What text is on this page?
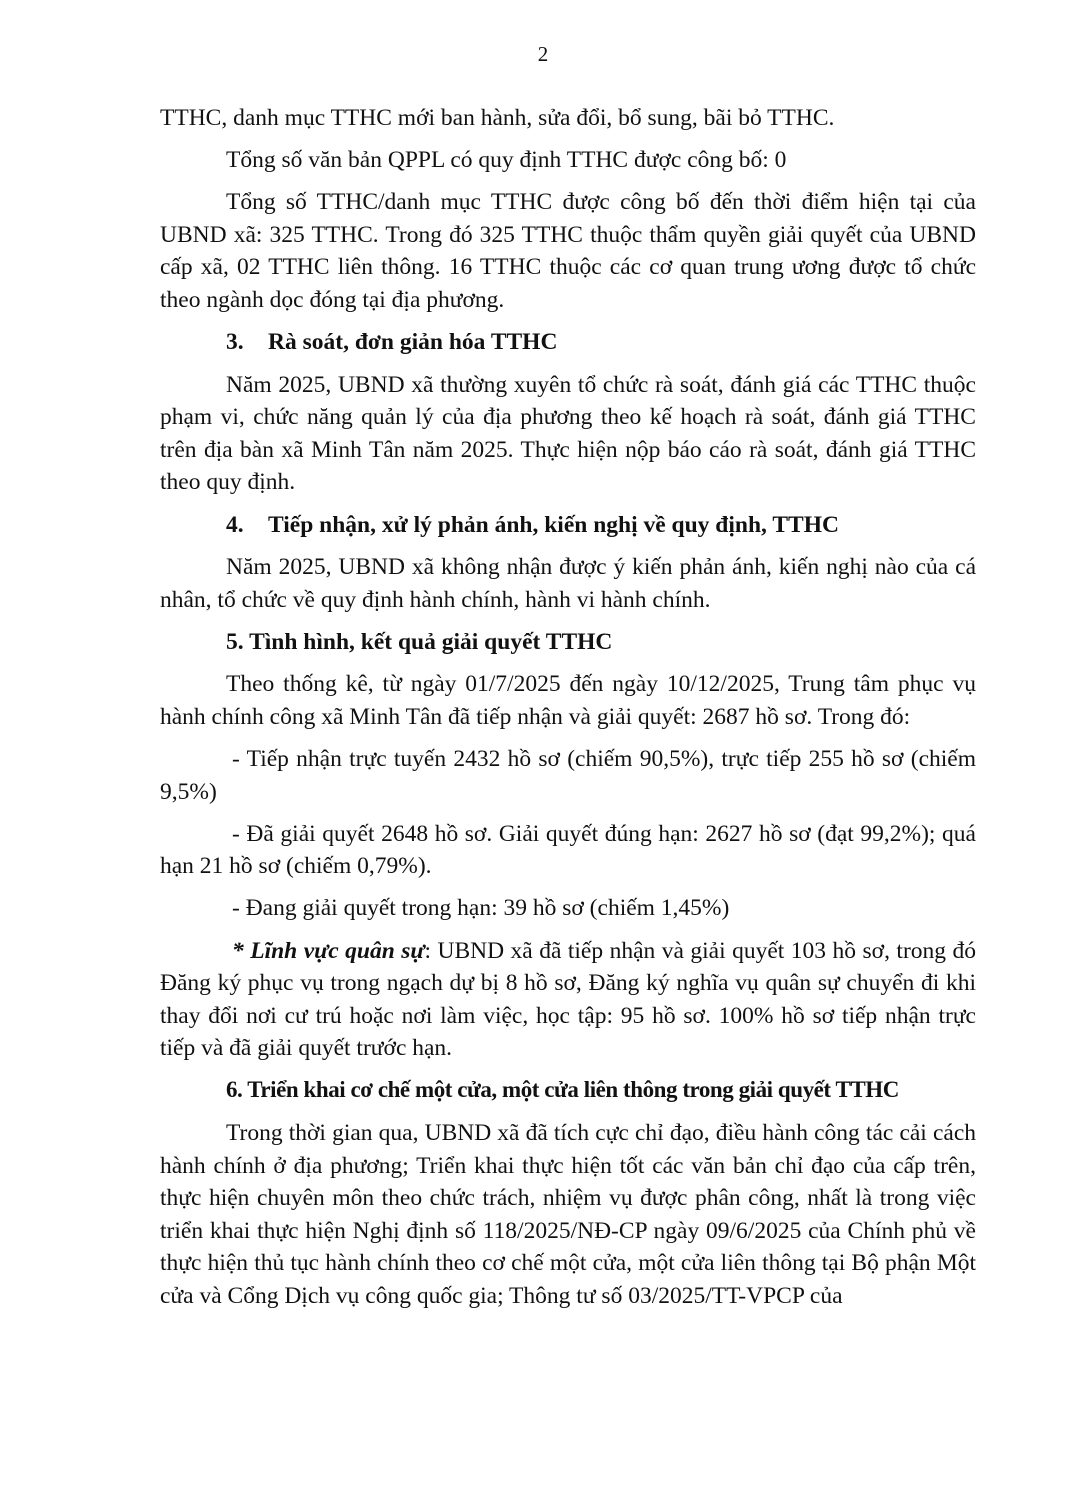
2

TTHC, danh mục TTHC mới ban hành, sửa đổi, bổ sung, bãi bỏ TTHC.

Tổng số văn bản QPPL có quy định TTHC được công bố: 0

Tổng số TTHC/danh mục TTHC được công bố đến thời điểm hiện tại của UBND xã: 325 TTHC. Trong đó 325 TTHC thuộc thẩm quyền giải quyết của UBND cấp xã, 02 TTHC liên thông. 16 TTHC thuộc các cơ quan trung ương được tổ chức theo ngành dọc đóng tại địa phương.

3. Rà soát, đơn giản hóa TTHC

Năm 2025, UBND xã thường xuyên tổ chức rà soát, đánh giá các TTHC thuộc phạm vi, chức năng quản lý của địa phương theo kế hoạch rà soát, đánh giá TTHC trên địa bàn xã Minh Tân năm 2025. Thực hiện nộp báo cáo rà soát, đánh giá TTHC theo quy định.

4. Tiếp nhận, xử lý phản ánh, kiến nghị về quy định, TTHC

Năm 2025, UBND xã không nhận được ý kiến phản ánh, kiến nghị nào của cá nhân, tổ chức về quy định hành chính, hành vi hành chính.

5. Tình hình, kết quả giải quyết TTHC

Theo thống kê, từ ngày 01/7/2025 đến ngày 10/12/2025, Trung tâm phục vụ hành chính công xã Minh Tân đã tiếp nhận và giải quyết: 2687 hồ sơ. Trong đó:

- Tiếp nhận trực tuyến 2432 hồ sơ (chiếm 90,5%), trực tiếp 255 hồ sơ (chiếm 9,5%)

- Đã giải quyết 2648 hồ sơ. Giải quyết đúng hạn: 2627 hồ sơ (đạt 99,2%); quá hạn 21 hồ sơ (chiếm 0,79%).

- Đang giải quyết trong hạn: 39 hồ sơ (chiếm 1,45%)

* Lĩnh vực quân sự: UBND xã đã tiếp nhận và giải quyết 103 hồ sơ, trong đó Đăng ký phục vụ trong ngạch dự bị 8 hồ sơ, Đăng ký nghĩa vụ quân sự chuyển đi khi thay đổi nơi cư trú hoặc nơi làm việc, học tập: 95 hồ sơ. 100% hồ sơ tiếp nhận trực tiếp và đã giải quyết trước hạn.

6. Triển khai cơ chế một cửa, một cửa liên thông trong giải quyết TTHC

Trong thời gian qua, UBND xã đã tích cực chỉ đạo, điều hành công tác cải cách hành chính ở địa phương; Triển khai thực hiện tốt các văn bản chỉ đạo của cấp trên, thực hiện chuyên môn theo chức trách, nhiệm vụ được phân công, nhất là trong việc triển khai thực hiện Nghị định số 118/2025/NĐ-CP ngày 09/6/2025 của Chính phủ về thực hiện thủ tục hành chính theo cơ chế một cửa, một cửa liên thông tại Bộ phận Một cửa và Cổng Dịch vụ công quốc gia; Thông tư số 03/2025/TT-VPCP của
